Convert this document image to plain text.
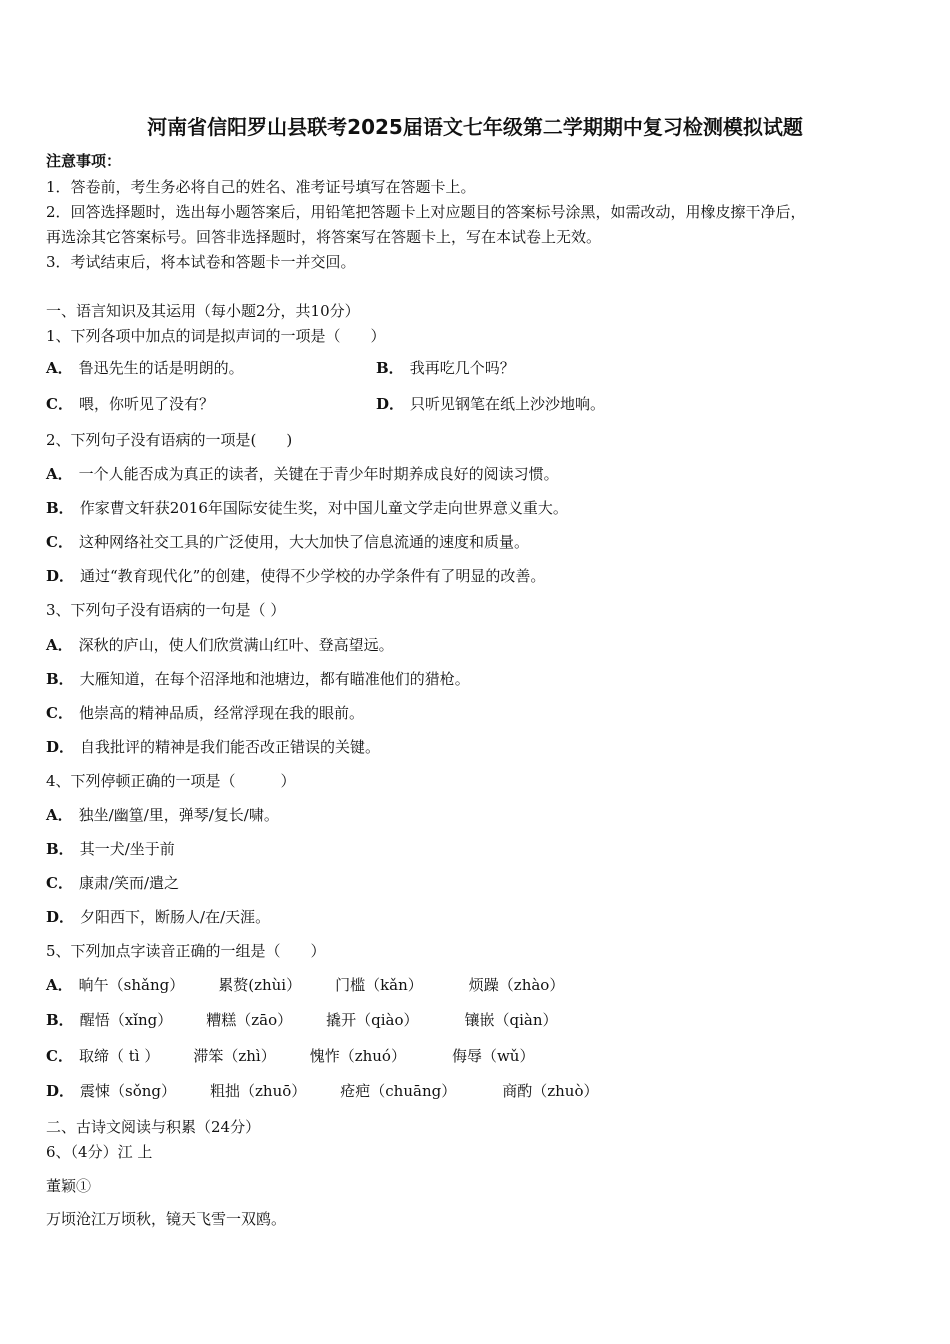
河南省信阳罗山县联考2025届语文七年级第二学期期中复习检测模拟试题
注意事项：
1．答卷前，考生务必将自己的姓名、准考证号填写在答题卡上。
2．回答选择题时，选出每小题答案后，用铅笔把答题卡上对应题目的答案标号涂黑，如需改动，用橡皮擦干净后，
再选涂其它答案标号。回答非选择题时，将答案写在答题卡上，写在本试卷上无效。
3．考试结束后，将本试卷和答题卡一并交回。
一、语言知识及其运用（每小题2分，共10分）
1、下列各项中加点的词是拟声词的一项是（　　）
A． 鲁迅先生的话是明朗的。	B． 我再吃几个吗？
C． 喂，你听见了没有？	D． 只听见钢笔在纸上沙沙地响。
2、下列句子没有语病的一项是(　　)
A． 一个人能否成为真正的读者，关键在于青少年时期养成良好的阅读习惯。
B． 作家曹文轩获2016年国际安徒生奖，对中国儿童文学走向世界意义重大。
C． 这种网络社交工具的广泛使用，大大加快了信息流通的速度和质量。
D． 通过“教育现代化”的创建，使得不少学校的办学条件有了明显的改善。
3、下列句子没有语病的一句是（ ）
A． 深秋的庐山，使人们欣赏满山红叶、登高望远。
B． 大雁知道，在每个沼泽地和池塘边，都有瞄准他们的猎枪。
C． 他崇高的精神品质，经常浮现在我的眼前。
D． 自我批评的精神是我们能否改正错误的关键。
4、下列停顿正确的一项是（　　　）
A． 独坐/幽篁/里，弹琴/复长/啸。
B． 其一犬/坐于前
C． 康肃/笑而/遣之
D． 夕阳西下，断肠人/在/天涯。
5、下列加点字读音正确的一组是（　　）
A． 晌午（shǎng） 累赘(zhùi） 门槛（kǎn）	烦躁（zhào）
B． 醒悟（xǐng） 糟糕（zāo） 撬开（qiào）	镶嵌（qiàn）
C． 取缔（ tì ） 滞笨（zhì） 愧怍（zhuó）	侮辱（wǔ）
D． 震悚（sǒng） 粗拙（zhuō） 疮疤（chuāng）	商酌（zhuò）
二、古诗文阅读与积累（24分）
6、（4分）江 上
董颖①
万顷沧江万顷秋，镜天飞雪一双鸥。
